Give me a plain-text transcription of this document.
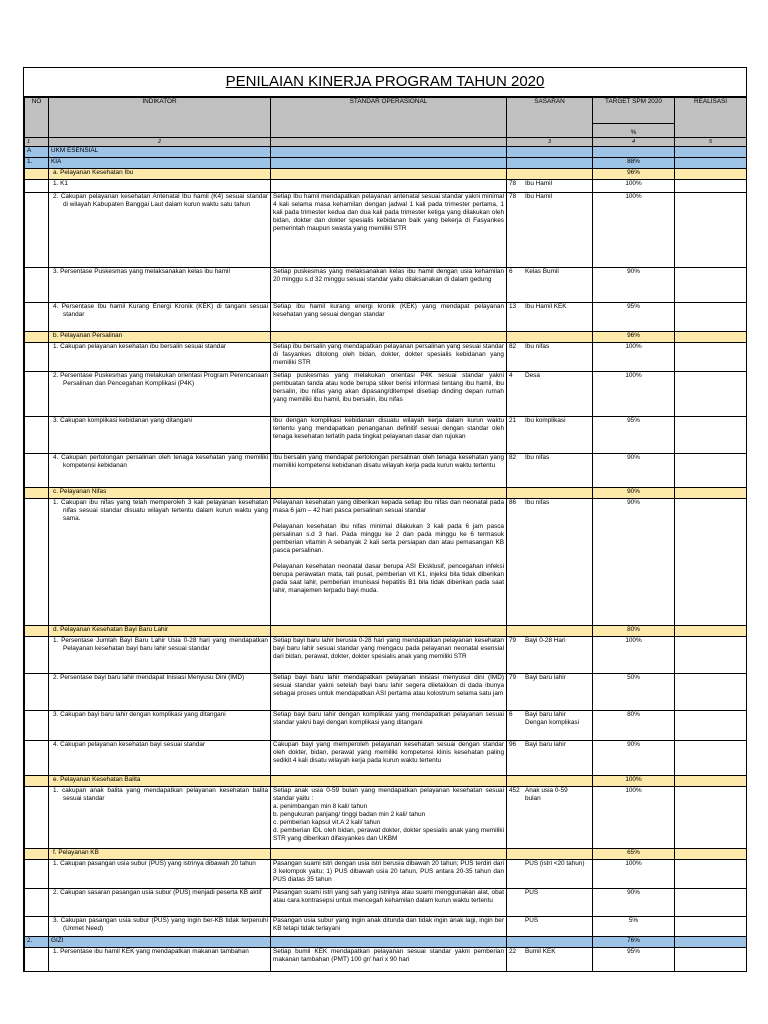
PENILAIAN KINERJA PROGRAM TAHUN 2020
NO	INDIKATOR	STANDAR OPERASIONAL	SASARAN	TARGET SPM 2020	REALISASI
				%	
1	2		3	4	5
A	UKM ESENSIAL				
1.	KIA			88%	
	a. Pelayanan Kesehatan Ibu			96%	
	1. K1		78 Ibu Hamil	100%	
	2. Cakupan pelayanan kesehatan Antenatal Ibu hamil (K4) sesuai standar di wilayah Kabupaten Banggai Laut dalam kurun waktu satu tahun	Setiap Ibu hamil mendapatkan pelayanan antenatal sesuai standar yakni minimal 4 kali selama masa kehamilan dengan jadwal 1 kali pada trimester pertama, 1 kali pada trimester kedua dan dua kali pada trimester ketiga yang dilakukan oleh bidan, dokter dan dokter spesialis kebidanan baik yang bekerja di Fasyankes pemerintah maupun swasta yang memiliki STR	78 Ibu Hamil	100%	
	3. Persentase Puskesmas yang melaksanakan kelas ibu hamil	Setiap puskesmas yang melaksanakan kelas ibu hamil dengan usia kehamilan 20 minggu s.d 32 minggu sesuai standar yaitu dilaksanakan di dalam gedung	6 Kelas Bumil	90%	
	4. Persentase Ibu hamil Kurang Energi Kronik (KEK) di tangani sesuai standar	Setiap ibu hamil kurang energi kronik (KEK) yang mendapat pelayanan kesehatan yang sesuai dengan standar	13 Ibu Hamil KEK	95%	
	b. Pelayanan Persalinan			96%	
	1. Cakupan pelayanan kesehatan ibu bersalin sesuai standar	Setiap ibu bersalin yang mendapatkan pelayanan persalinan yang sesuai standar di fasyankes ditolong oleh bidan, dokter, dokter spesialis kebidanan yang memiliki STR	82 Ibu nifas	100%	
	2. Persentase Puskesmas yang melakukan orientasi Program Perencanaan Persalinan dan Pencegahan Komplikasi (P4K)	Setiap puskesmas yang melakukan orientasi P4K sesuai standar yakni pembuatan tanda atau kode berupa stiker berisi informasi tentang ibu hamil, ibu bersalin, ibu nifas yang akan dipasang/ditempel disetiap dinding depan rumah yang memiliki ibu hamil, ibu bersalin, ibu nifas	4 Desa	100%	
	3. Cakupan komplikasi kebidanan yang ditangani	Ibu dengan komplikasi kebidanan disuatu wilayah kerja dalam kurun waktu tertentu yang mendapatkan penanganan definitif sesuai dengan standar oleh tenaga kesehatan terlatih pada tingkat pelayanan dasar dan rujukan	21 Ibu komplikasi	95%	
	4. Cakupan pertolongan persalinan oleh tenaga kesehatan yang memiliki kompetensi kebidanan	Ibu bersalin yang mendapat pertolongan persalinan oleh tenaga kesehatan yang memiliki kompetensi kebidanan disatu wilayah kerja pada kurun waktu tertentu	82 Ibu nifas	90%	
	c. Pelayanan Nifas			90%	
	1. Cakupan ibu nifas yang telah memperoleh 3 kali pelayanan kesehatan nifas sesuai standar disuatu wilayah tertentu dalam kurun waktu yang sama.	Pelayanan kesehatan yang diberikan kepada setiap ibu nifas dan neonatal pada masa 6 jam – 42 hari pasca persalinan sesuai standar
Pelayanan kesehatan ibu nifas minimal dilakukan 3 kali pada 6 jam pasca persalinan s.d 3 hari. Pada minggu ke 2 dan pada minggu ke 6 termasuk pemberian vitamin A sebanyak 2 kali serta persiapan dan atau pemasangan KB pasca persalinan.
Pelayanan kesehatan neonatal dasar berupa ASI Eksklusif, pencegahan infeksi berupa perawatan mata, tali pusat, pemberian vit K1, injeksi bila tidak diberikan pada saat lahir, pemberian imunisasi hepatitis B1 bila tidak diberikan pada saat lahir, manajemen terpadu bayi muda.	86 Ibu nifas	90%	
	d. Pelayanan Kesehatan Bayi Baru Lahir			80%	
	1. Persentase Jumlah Bayi Baru Lahir Usia 0-28 hari yang mendapatkan Pelayanan kesehatan bayi baru lahir sesuai standar	Setiap bayi baru lahir berusia 0-28 hari yang mendapatkan pelayanan kesehatan bayi baru lahir sesuai standar yang mengacu pada pelayanan neonatal esensial dari bidan, perawat, dokter, dokter spesialis anak yang memiliki STR	79 Bayi 0-28 Hari	100%	
	2. Persentase bayi baru lahir mendapat Inisiasi Menyusu Dini (IMD)	Setiap bayi baru lahir mendapatkan pelayanan inisiasi menyusui dini (IMD) sesuai standar yakni setelah bayi baru lahir segera diletakkan di dada ibunya sebagai proses untuk mendapatkan ASI pertama atau kolostrum selama satu jam	79 Bayi baru lahir	50%	
	3. Cakupan bayi baru lahir dengan komplikasi yang ditangani	Setiap bayi baru lahir dengan komplikasi yang mendapatkan pelayanan sesuai standar yakni bayi dengan komplikasi yang ditangani	6 Bayi baru lahir Dengan komplikasi	80%	
	4. Cakupan pelayanan kesehatan bayi sesuai standar	Cakupan bayi yang memperoleh pelayanan kesehatan sesuai dengan standar oleh dokter, bidan, perawat yang memiliki kompetensi klinis kesehatan paling sedikit 4 kali disatu wilayah kerja pada kurun waktu tertentu	96 Bayi baru lahir	90%	
	e. Pelayanan Kesehatan Balita			100%	
	1. cakupan anak balita yang mendapatkan pelayanan kesehatan balita sesuai standar	Setiap anak usia 0-59 bulan yang mendapatkan pelayanan kesehatan sesuai standar yaitu :
a. penimbangan min 8 kali/ tahun
b. pengukuran panjang/ tinggi badan min 2 kali/ tahun
c. pemberian kapsul vit.A 2 kali/ tahun
d. pemberian IDL oleh bidan, perawat dokter, dokter spesialis anak yang memiliki STR yang diberikan difasyankes dan UKBM	452 Anak usia 0-59 bulan	100%	
	f. Pelayanan KB			65%	
	1. Cakupan pasangan usia subur (PUS) yang istrinya dibawah 20 tahun	Pasangan suami istri dengan usia istri berusia dibawah 20 tahun; PUS terdiri dari 3 kelompok yaitu; 1) PUS dibawah usia 20 tahun, PUS antara 20-35 tahun dan PUS diatas 35 tahun	PUS (istri <20 tahun)	100%	
	2. Cakupan sasaran pasangan usia subur (PUS) menjadi peserta KB aktif	Pasangan suami istri yang sah yang istrinya atau suami menggunakan alat, obat atau cara kontrasepsi untuk mencegah kehamilan dalam kurun waktu tertentu	PUS	90%	
	3. Cakupan pasangan usia subur (PUS) yang ingin ber-KB tidak terpenuhi (Unmet Need)	Pasangan usia subur yang ingin anak ditunda dan tidak ingin anak lagi, ingin ber KB tetapi tidak terlayani	PUS	5%	
2.	GIZI			76%	
	1. Persentase ibu hamil KEK yang mendapatkan makanan tambahan	Setiap bumil KEK mendapatkan pelayanan sesuai standar yakni pemberian makanan tambahan (PMT) 100 gr/ hari x 90 hari	22 Bumil KEK	95%	
